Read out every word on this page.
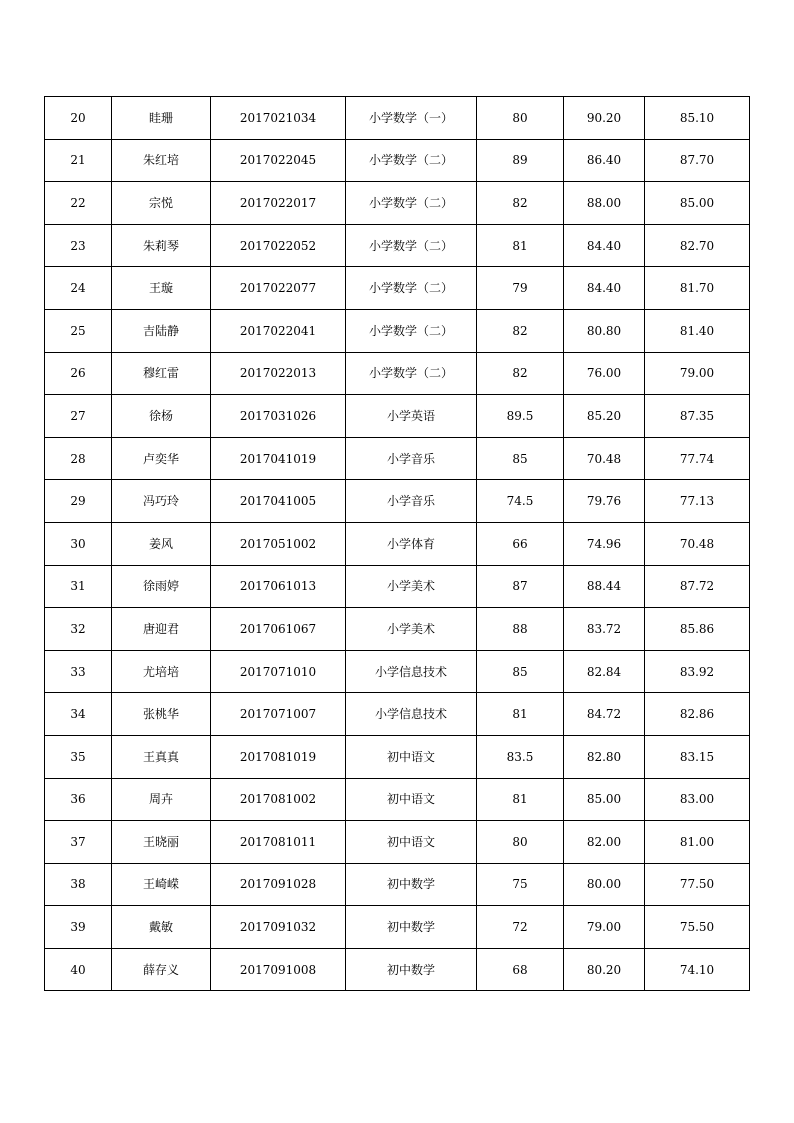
20	眭珊	2017021034	小学数学（一）	80	90.20	85.10
21	朱红培	2017022045	小学数学（二）	89	86.40	87.70
22	宗悦	2017022017	小学数学（二）	82	88.00	85.00
23	朱莉琴	2017022052	小学数学（二）	81	84.40	82.70
24	王璇	2017022077	小学数学（二）	79	84.40	81.70
25	吉陆静	2017022041	小学数学（二）	82	80.80	81.40
26	穆红雷	2017022013	小学数学（二）	82	76.00	79.00
27	徐杨	2017031026	小学英语	89.5	85.20	87.35
28	卢奕华	2017041019	小学音乐	85	70.48	77.74
29	冯巧玲	2017041005	小学音乐	74.5	79.76	77.13
30	姜风	2017051002	小学体育	66	74.96	70.48
31	徐雨婷	2017061013	小学美术	87	88.44	87.72
32	唐迎君	2017061067	小学美术	88	83.72	85.86
33	尤培培	2017071010	小学信息技术	85	82.84	83.92
34	张桃华	2017071007	小学信息技术	81	84.72	82.86
35	王真真	2017081019	初中语文	83.5	82.80	83.15
36	周卉	2017081002	初中语文	81	85.00	83.00
37	王晓丽	2017081011	初中语文	80	82.00	81.00
38	王崎嵘	2017091028	初中数学	75	80.00	77.50
39	戴敏	2017091032	初中数学	72	79.00	75.50
40	薛存义	2017091008	初中数学	68	80.20	74.10
